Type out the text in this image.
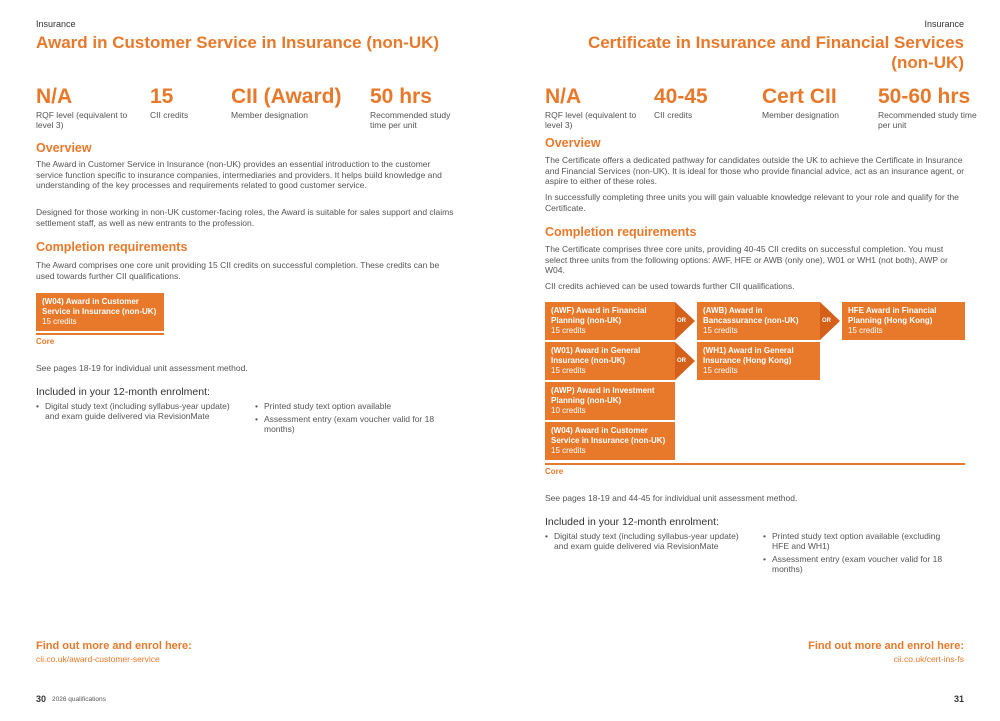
Insurance
Award in Customer Service in Insurance (non-UK)
N/A
RQF level (equivalent to level 3)
15
CII credits
CII (Award)
Member designation
50 hrs
Recommended study time per unit
Overview

The Award in Customer Service in Insurance (non-UK) provides an essential introduction to the customer service function specific to insurance companies, intermediaries and providers. It helps build knowledge and understanding of the key processes and requirements related to good customer service.

Designed for those working in non-UK customer-facing roles, the Award is suitable for sales support and claims settlement staff, as well as new entrants to the profession.

Completion requirements

The Award comprises one core unit providing 15 CII credits on successful completion. These credits can be used towards further CII qualifications.

(W04) Award in Customer Service in Insurance (non-UK)
15 credits
Core

See pages 18-19 for individual unit assessment method.

Included in your 12-month enrolment:
• Digital study text (including syllabus-year update) and exam guide delivered via RevisionMate
• Printed study text option available
• Assessment entry (exam voucher valid for 18 months)
Find out more and enrol here:
cii.co.uk/award-customer-service
30 2026 qualifications
Insurance
Certificate in Insurance and Financial Services
(non-UK)
N/A
RQF level (equivalent to level 3)
40-45
CII credits
Cert CII
Member designation
50-60 hrs
Recommended study time per unit
Overview

The Certificate offers a dedicated pathway for candidates outside the UK to achieve the Certificate in Insurance and Financial Services (non-UK). It is ideal for those who provide financial advice, act as an insurance agent, or aspire to either of these roles.

In successfully completing three units you will gain valuable knowledge relevant to your role and qualify for the Certificate.

Completion requirements

The Certificate comprises three core units, providing 40-45 CII credits on successful completion. You must select three units from the following options: AWF, HFE or AWB (only one), W01 or WH1 (not both), AWP or W04.

CII credits achieved can be used towards further CII qualifications.

(AWF) Award in Financial Planning (non-UK)
15 credits
OR
(AWB) Award in Bancassurance (non-UK)
15 credits
OR
HFE Award in Financial Planning (Hong Kong)
15 credits
(W01) Award in General Insurance (non-UK)
15 credits
OR
(WH1) Award in General Insurance (Hong Kong)
15 credits
(AWP) Award in Investment Planning (non-UK)
10 credits
(W04) Award in Customer Service in Insurance (non-UK)
15 credits
Core

See pages 18-19 and 44-45 for individual unit assessment method.

Included in your 12-month enrolment:
• Digital study text (including syllabus-year update) and exam guide delivered via RevisionMate
• Printed study text option available (excluding HFE and WH1)
• Assessment entry (exam voucher valid for 18 months)
Find out more and enrol here:
cii.co.uk/cert-ins-fs
31
